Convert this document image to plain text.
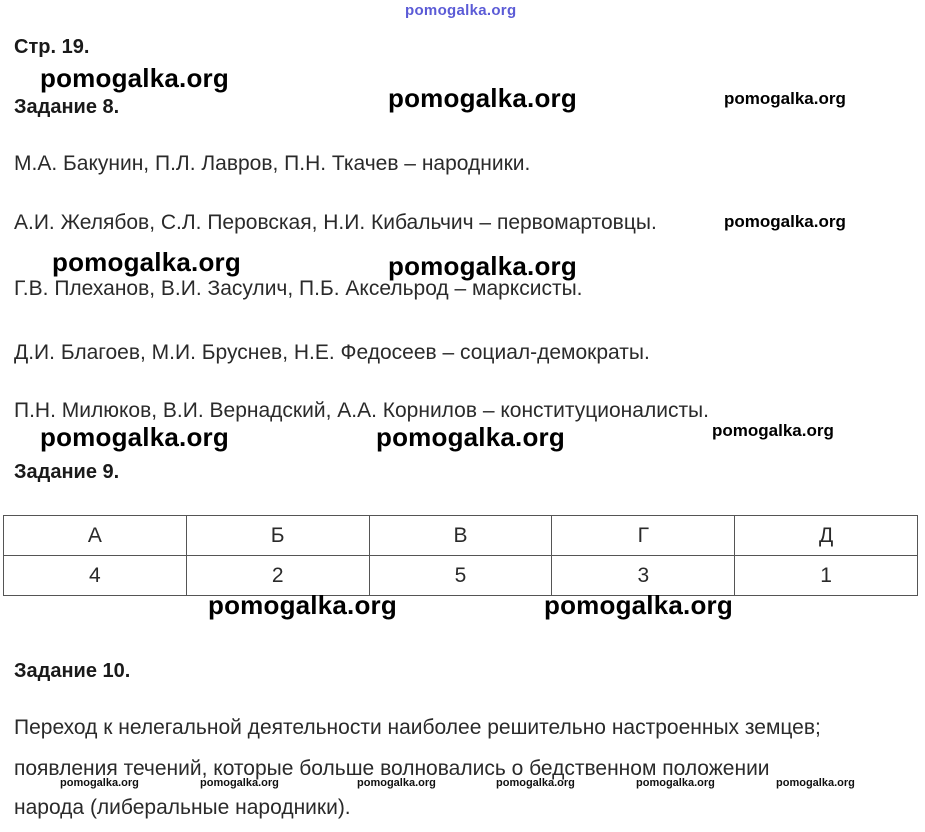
pomogalka.org
Стр. 19.
pomogalka.org
pomogalka.org	pomogalka.org
Задание 8.
М.А. Бакунин, П.Л. Лавров, П.Н. Ткачев – народники.
А.И. Желябов, С.Л. Перовская, Н.И. Кибальчич – первомартовцы.	pomogalka.org
pomogalka.org	pomogalka.org
Г.В. Плеханов, В.И. Засулич, П.Б. Аксельрод – марксисты.
Д.И. Благоев, М.И. Бруснев, Н.Е. Федосеев – социал-демократы.
П.Н. Милюков, В.И. Вернадский, А.А. Корнилов – конституционалисты.
pomogalka.org	pomogalka.org	pomogalka.org
Задание 9.
А	Б	В	Г	Д
4	2	5	3	1
pomogalka.org	pomogalka.org
Задание 10.
Переход к нелегальной деятельности наиболее решительно настроенных земцев;
появления течений, которые больше волновались о бедственном положении
народа (либеральные народники).
pomogalka.org	pomogalka.org	pomogalka.org	pomogalka.org	pomogalka.org	pomogalka.org
